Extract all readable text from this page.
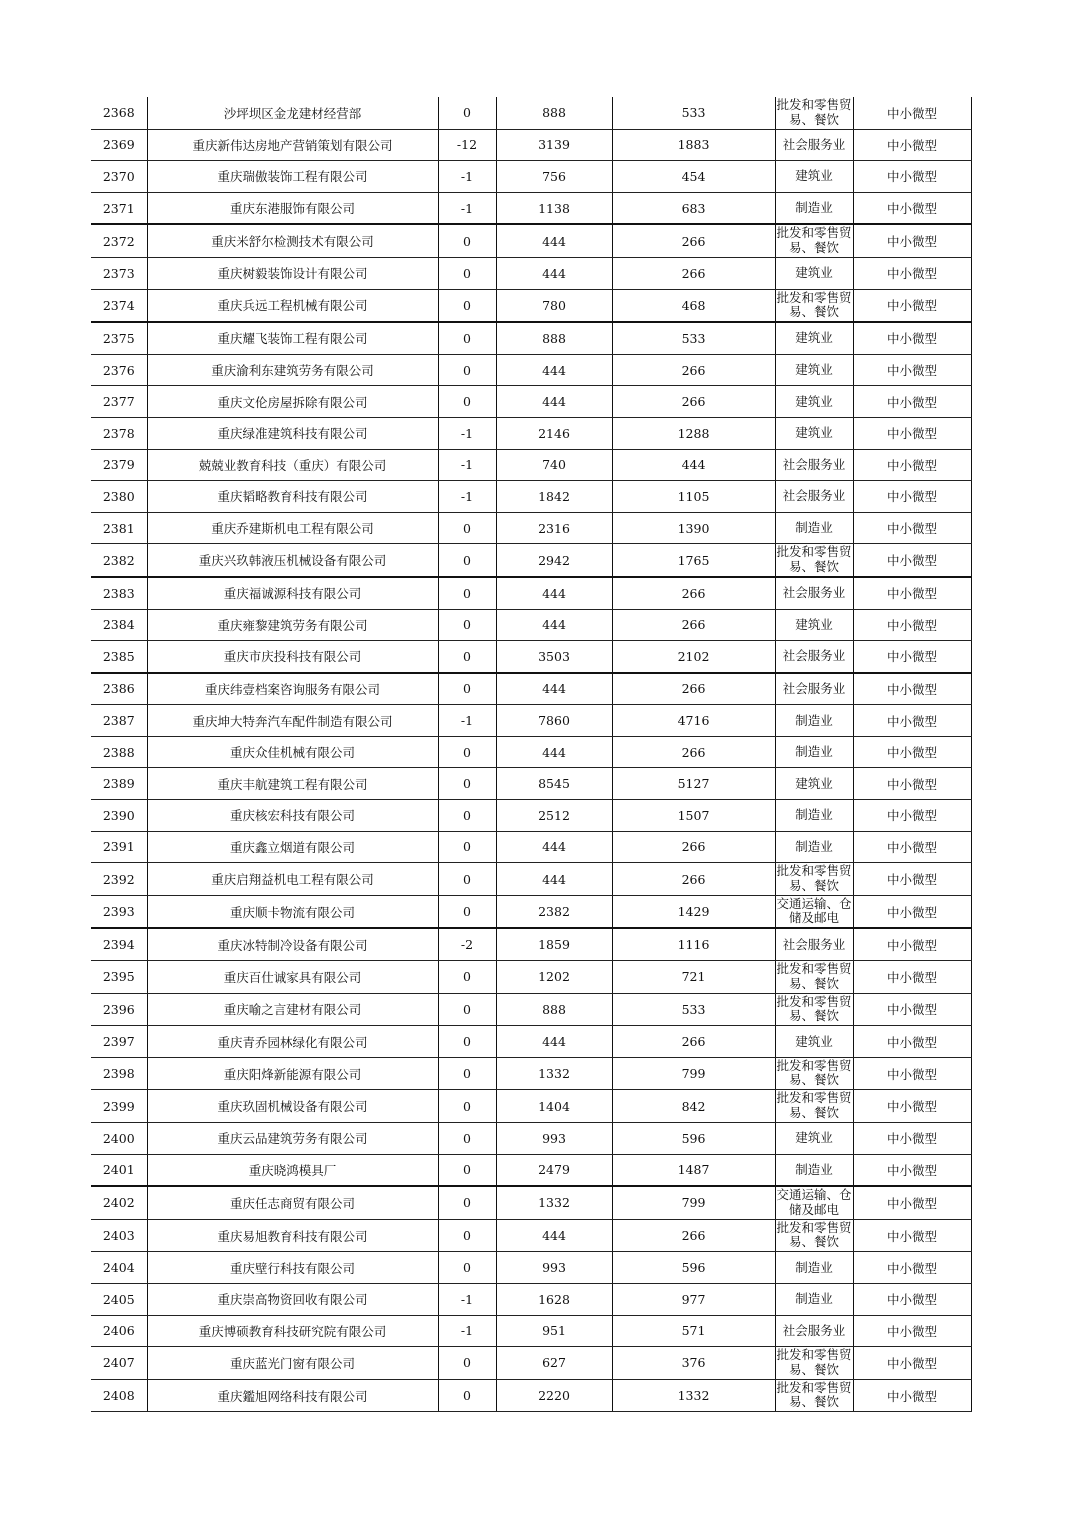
2368	沙坪坝区金龙建材经营部	0	888	533	批发和零售贸易、餐饮	中小微型
2369	重庆新伟达房地产营销策划有限公司	-12	3139	1883	社会服务业	中小微型
2370	重庆瑞傲装饰工程有限公司	-1	756	454	建筑业	中小微型
2371	重庆东港服饰有限公司	-1	1138	683	制造业	中小微型
2372	重庆米舒尔检测技术有限公司	0	444	266	批发和零售贸易、餐饮	中小微型
2373	重庆树毅装饰设计有限公司	0	444	266	建筑业	中小微型
2374	重庆兵远工程机械有限公司	0	780	468	批发和零售贸易、餐饮	中小微型
2375	重庆耀飞装饰工程有限公司	0	888	533	建筑业	中小微型
2376	重庆渝利东建筑劳务有限公司	0	444	266	建筑业	中小微型
2377	重庆文伦房屋拆除有限公司	0	444	266	建筑业	中小微型
2378	重庆绿准建筑科技有限公司	-1	2146	1288	建筑业	中小微型
2379	兢兢业教育科技（重庆）有限公司	-1	740	444	社会服务业	中小微型
2380	重庆韬略教育科技有限公司	-1	1842	1105	社会服务业	中小微型
2381	重庆乔建斯机电工程有限公司	0	2316	1390	制造业	中小微型
2382	重庆兴玖韩液压机械设备有限公司	0	2942	1765	批发和零售贸易、餐饮	中小微型
2383	重庆福诚源科技有限公司	0	444	266	社会服务业	中小微型
2384	重庆雍黎建筑劳务有限公司	0	444	266	建筑业	中小微型
2385	重庆市庆投科技有限公司	0	3503	2102	社会服务业	中小微型
2386	重庆纬壹档案咨询服务有限公司	0	444	266	社会服务业	中小微型
2387	重庆坤大特奔汽车配件制造有限公司	-1	7860	4716	制造业	中小微型
2388	重庆众佳机械有限公司	0	444	266	制造业	中小微型
2389	重庆丰航建筑工程有限公司	0	8545	5127	建筑业	中小微型
2390	重庆核宏科技有限公司	0	2512	1507	制造业	中小微型
2391	重庆鑫立烟道有限公司	0	444	266	制造业	中小微型
2392	重庆启翔益机电工程有限公司	0	444	266	批发和零售贸易、餐饮	中小微型
2393	重庆顺卡物流有限公司	0	2382	1429	交通运输、仓储及邮电	中小微型
2394	重庆冰特制冷设备有限公司	-2	1859	1116	社会服务业	中小微型
2395	重庆百仕诚家具有限公司	0	1202	721	批发和零售贸易、餐饮	中小微型
2396	重庆喻之言建材有限公司	0	888	533	批发和零售贸易、餐饮	中小微型
2397	重庆青乔园林绿化有限公司	0	444	266	建筑业	中小微型
2398	重庆阳烽新能源有限公司	0	1332	799	批发和零售贸易、餐饮	中小微型
2399	重庆玖固机械设备有限公司	0	1404	842	批发和零售贸易、餐饮	中小微型
2400	重庆云品建筑劳务有限公司	0	993	596	建筑业	中小微型
2401	重庆晓鸿模具厂	0	2479	1487	制造业	中小微型
2402	重庆任志商贸有限公司	0	1332	799	交通运输、仓储及邮电	中小微型
2403	重庆易旭教育科技有限公司	0	444	266	批发和零售贸易、餐饮	中小微型
2404	重庆壁行科技有限公司	0	993	596	制造业	中小微型
2405	重庆崇高物资回收有限公司	-1	1628	977	制造业	中小微型
2406	重庆博硕教育科技研究院有限公司	-1	951	571	社会服务业	中小微型
2407	重庆蓝光门窗有限公司	0	627	376	批发和零售贸易、餐饮	中小微型
2408	重庆鑑旭网络科技有限公司	0	2220	1332	批发和零售贸易、餐饮	中小微型
